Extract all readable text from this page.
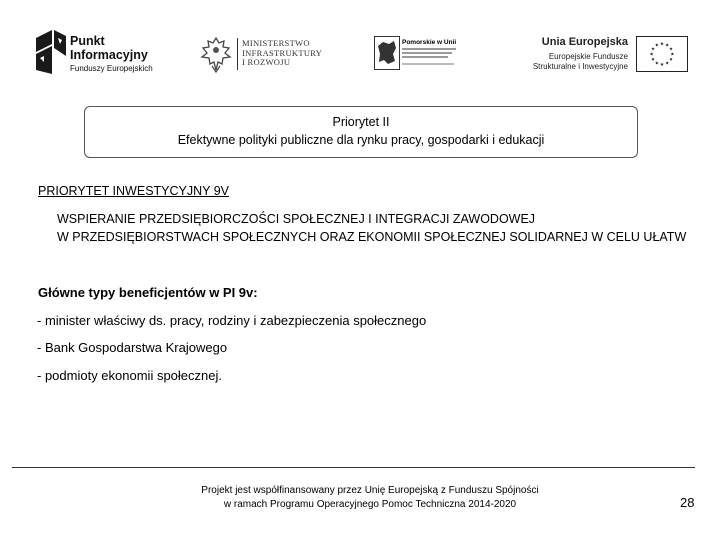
Punkt
Informacyjny
Funduszy Europejskich
MINISTERSTWO
INFRASTRUKTURY
I ROZWOJU
Pomorskie w Unii	Unia Europejska
Europejskie Fundusze
Strukturalne i Inwestycyjne
Priorytet II
Efektywne polityki publiczne dla rynku pracy, gospodarki i edukacji
PRIORYTET INWESTYCYJNY 9V
WSPIERANIE PRZEDSIĘBIORCZOŚCI SPOŁECZNEJ I INTEGRACJI ZAWODOWEJ
W PRZEDSIĘBIORSTWACH SPOŁECZNYCH ORAZ EKONOMII SPOŁECZNEJ SOLIDARNEJ W CELU UŁATW
Główne typy beneficjentów w PI 9v:
- minister właściwy ds. pracy, rodziny i zabezpieczenia społecznego
- Bank Gospodarstwa Krajowego
- podmioty ekonomii społecznej.
Projekt jest współfinansowany przez Unię Europejską z Funduszu Spójności
w ramach Programu Operacyjnego Pomoc Techniczna 2014-2020	28
